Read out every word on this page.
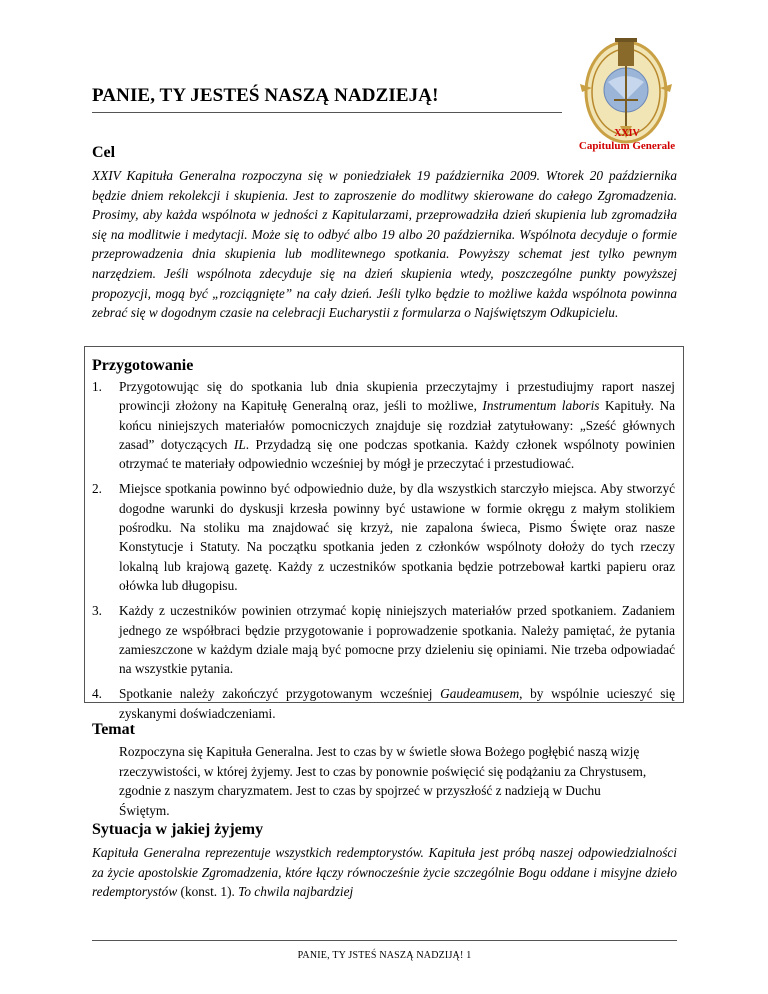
PANIE, TY JESTEŚ NASZĄ NADZIEJĄ!
XXIV
Capitulum Generale
Cel

XXIV Kapituła Generalna rozpoczyna się w poniedziałek 19 października 2009. Wtorek 20 października będzie dniem rekolekcji i skupienia. Jest to zaproszenie do modlitwy skierowane do całego Zgromadzenia. Prosimy, aby każda wspólnota w jedności z Kapitularzami, przeprowadziła dzień skupienia lub zgromadziła się na modlitwie i medytacji. Może się to odbyć albo 19 albo 20 października. Wspólnota decyduje o formie przeprowadzenia dnia skupienia lub modlitewnego spotkania. Powyższy schemat jest tylko pewnym narzędziem. Jeśli wspólnota zdecyduje się na dzień skupienia wtedy, poszczególne punkty powyższej propozycji, mogą być „rozciągnięte” na cały dzień. Jeśli tylko będzie to możliwe każda wspólnota powinna zebrać się w dogodnym czasie na celebracji Eucharystii z formularza o Najświętszym Odkupicielu.

Przygotowanie
1. Przygotowując się do spotkania lub dnia skupienia przeczytajmy i przestudiujmy raport naszej prowincji złożony na Kapitułę Generalną oraz, jeśli to możliwe, Instrumentum laboris Kapituły. Na końcu niniejszych materiałów pomocniczych znajduje się rozdział zatytułowany: „Sześć głównych zasad” dotyczących IL. Przydadzą się one podczas spotkania. Każdy członek wspólnoty powinien otrzymać te materiały odpowiednio wcześniej by mógł je przeczytać i przestudiować.
2. Miejsce spotkania powinno być odpowiednio duże, by dla wszystkich starczyło miejsca. Aby stworzyć dogodne warunki do dyskusji krzesła powinny być ustawione w formie okręgu z małym stolikiem pośrodku. Na stoliku ma znajdować się krzyż, nie zapalona świeca, Pismo Święte oraz nasze Konstytucje i Statuty. Na początku spotkania jeden z członków wspólnoty dołoży do tych rzeczy lokalną lub krajową gazetę. Każdy z uczestników spotkania będzie potrzebował kartki papieru oraz ołówka lub długopisu.
3. Każdy z uczestników powinien otrzymać kopię niniejszych materiałów przed spotkaniem. Zadaniem jednego ze współbraci będzie przygotowanie i poprowadzenie spotkania. Należy pamiętać, że pytania zamieszczone w każdym dziale mają być pomocne przy dzieleniu się opiniami. Nie trzeba odpowiadać na wszystkie pytania.
4. Spotkanie należy zakończyć przygotowanym wcześniej Gaudeamusem, by wspólnie ucieszyć się zyskanymi doświadczeniami.
Temat

Rozpoczyna się Kapituła Generalna. Jest to czas by w świetle słowa Bożego pogłębić naszą wizję rzeczywistości, w której żyjemy. Jest to czas by ponownie poświęcić się podążaniu za Chrystusem, zgodnie z naszym charyzmatem. Jest to czas by spojrzeć w przyszłość z nadzieją w Duchu Świętym.

Sytuacja w jakiej żyjemy

Kapituła Generalna reprezentuje wszystkich redemptorystów. Kapituła jest próbą naszej odpowiedzialności za życie apostolskie Zgromadzenia, które łączy równocześnie życie szczególnie Bogu oddane i misyjne dzieło redemptorystów (konst. 1). To chwila najbardziej

PANIE, TY JSTEŚ NASZĄ NADZIJĄ! 1
